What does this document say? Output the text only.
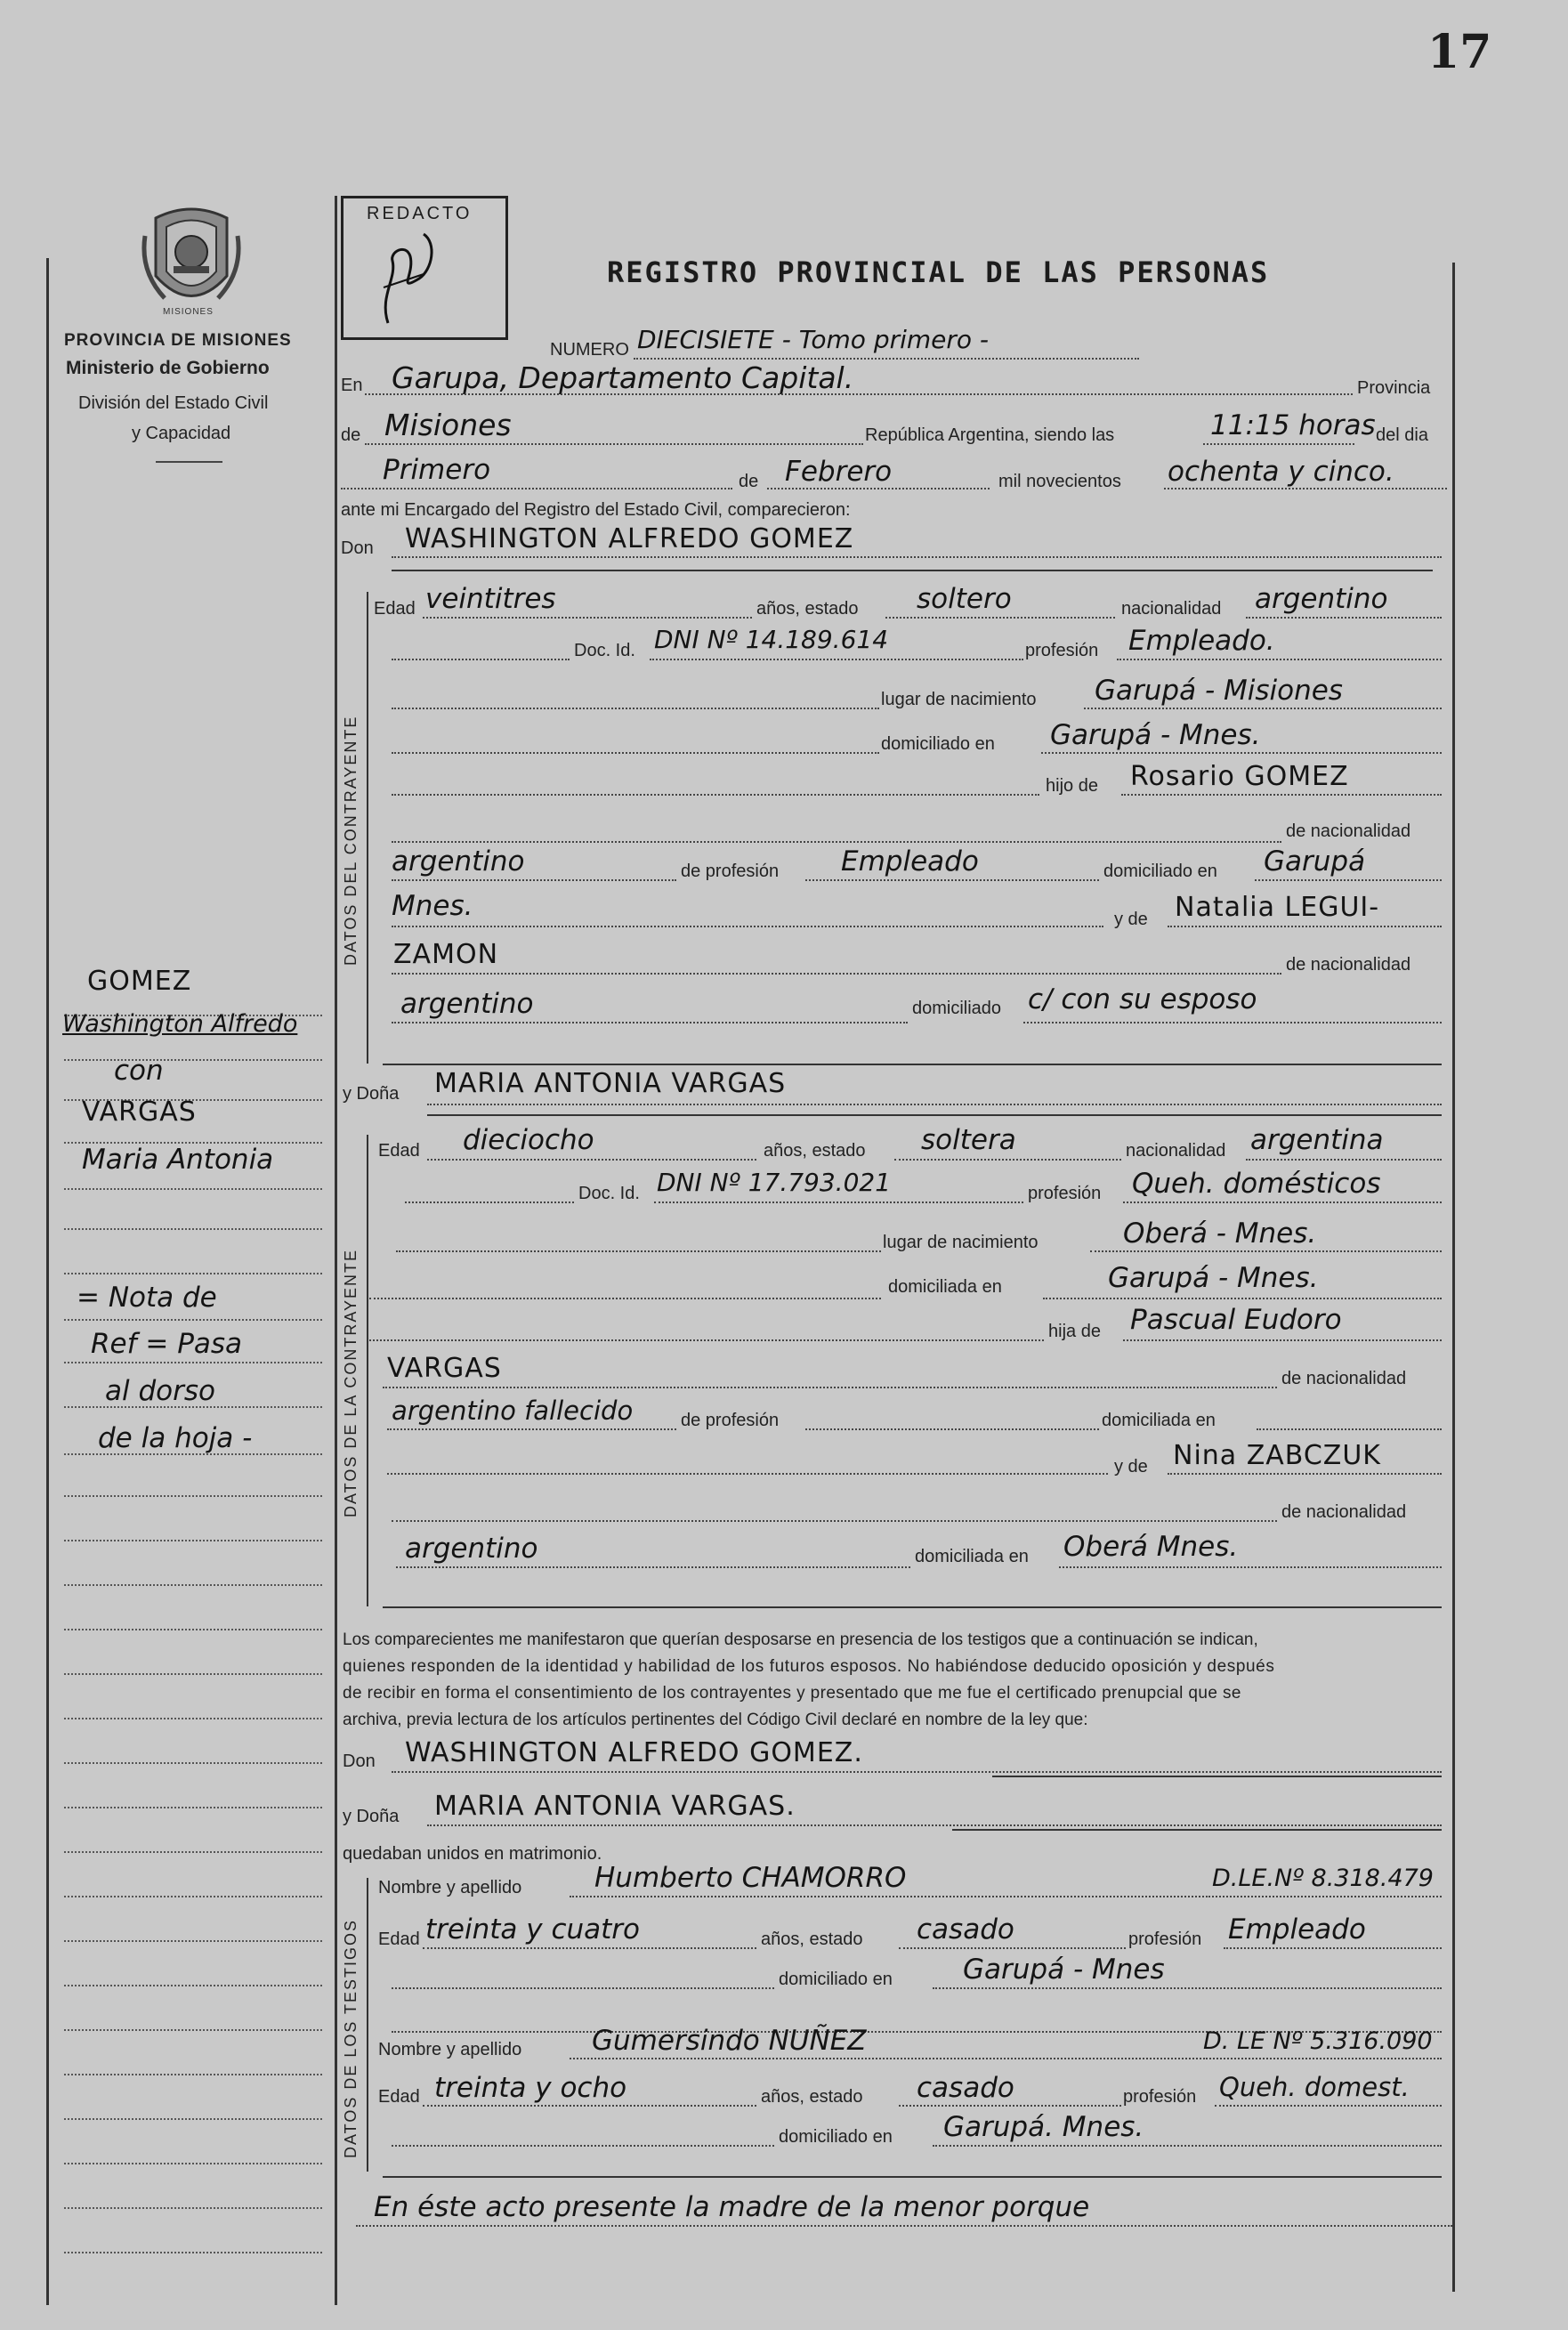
17
MISIONES
PROVINCIA DE MISIONES
Ministerio de Gobierno
División del Estado Civil
y Capacidad
REDACTO
REGISTRO PROVINCIAL DE LAS PERSONAS
DATOS DEL CONTRAYENTE
DATOS DE LA CONTRAYENTE
DATOS DE LOS TESTIGOS
GOMEZ
Washington Alfredo
con
VARGAS
Maria Antonia
= Nota de
Ref = Pasa
al dorso
de la hoja -
NUMERO DIECISIETE - Tomo primero -
En Garupa, Departamento Capital.	Provincia
de Misiones	República Argentina, siendo las	11:15 horas del dia
Primero	de Febrero	mil novecientos ochenta y cinco.
ante mi Encargado del Registro del Estado Civil, comparecieron:
Don WASHINGTON ALFREDO GOMEZ
Edad veintitres	años, estado soltero	nacionalidad argentino
Doc. Id. DNI Nº 14.189.614	profesión Empleado.
lugar de nacimiento Garupá - Misiones
domiciliado en Garupá - Mnes.
hijo de Rosario GOMEZ
de nacionalidad
argentino	de profesión Empleado	domiciliado en Garupá
Mnes.	y de Natalia LEGUI-
ZAMON	de nacionalidad
argentino	domiciliado c/ con su esposo
y Doña MARIA ANTONIA VARGAS
Edad dieciocho	años, estado soltera	nacionalidad argentina
Doc. Id. DNI Nº 17.793.021	profesión Queh. domésticos
lugar de nacimiento	Oberá - Mnes.
domiciliada en	Garupá - Mnes.
hija de Pascual Eudoro
VARGAS	de nacionalidad
argentino fallecido	de profesión	domiciliada en
y de Nina ZABCZUK
de nacionalidad
argentino	domiciliada en Oberá Mnes.
Los comparecientes me manifestaron que querían desposarse en presencia de los testigos que a continuación se indican,
quienes responden de la identidad y habilidad de los futuros esposos. No habiéndose deducido oposición y después
de recibir en forma el consentimiento de los contrayentes y presentado que me fue el certificado prenupcial que se
archiva, previa lectura de los artículos pertinentes del Código Civil declaré en nombre de la ley que:
Don WASHINGTON ALFREDO GOMEZ.
y Doña MARIA ANTONIA VARGAS.
quedaban unidos en matrimonio.
Nombre y apellido	Humberto CHAMORRO	D.LE.Nº 8.318.479
Edad treinta y cuatro	años, estado casado	profesión Empleado
domiciliado en	Garupá - Mnes
Nombre y apellido	Gumersindo NUÑEZ	D. LE Nº 5.316.090
Edad treinta y ocho	años, estado casado	profesión Queh. domest.
domiciliado en Garupá. Mnes.
En éste acto presente la madre de la menor porque
